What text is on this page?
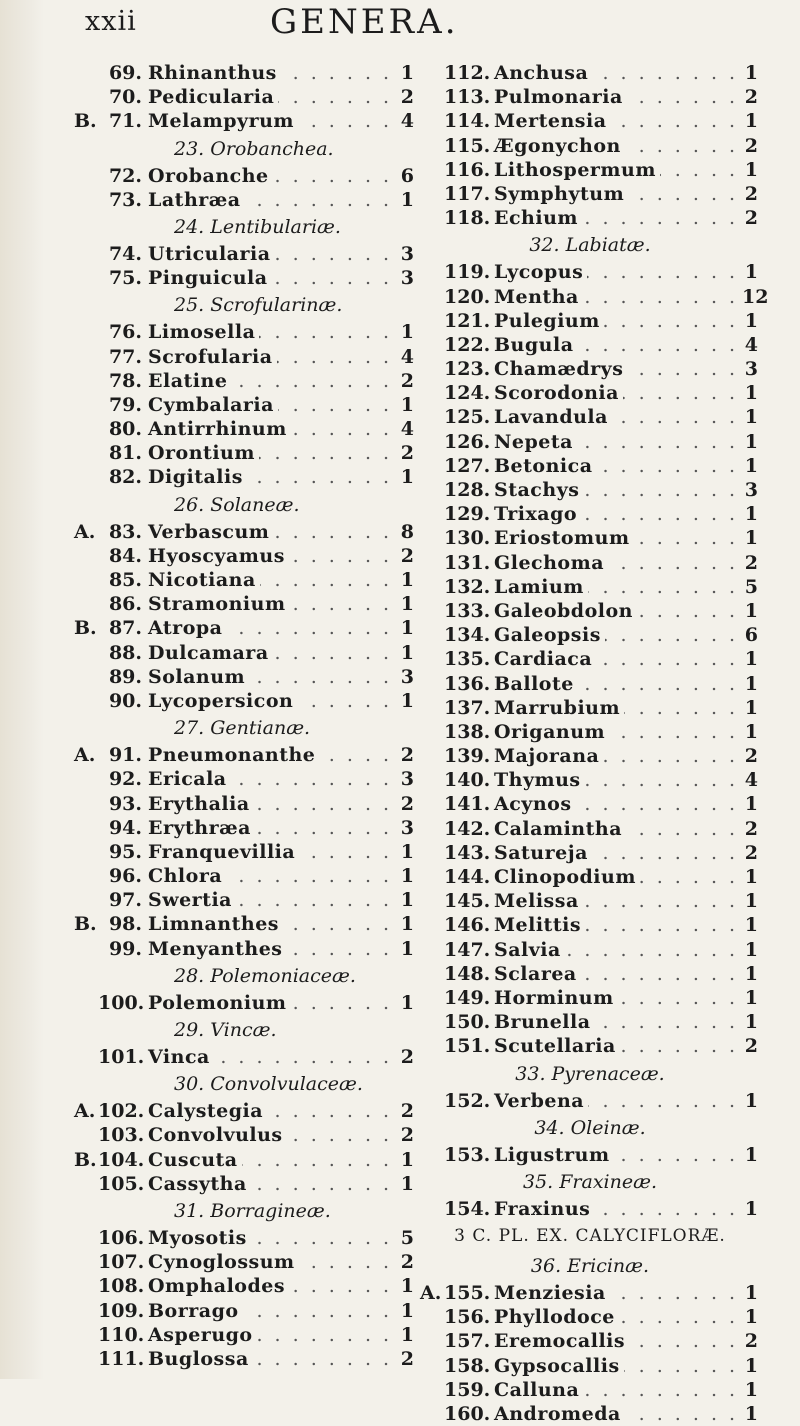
xxii	GENERA.
. . .
69. Rhinanthus	1
. . .
70. Pedicularia	2
. . .
B. 71. Melampyrum	4
23. Orobanchea.
. . .
72. Orobanche	6
. . .
73. Lathræa	1
24. Lentibulariæ.
. . .
74. Utricularia	3
. . .
75. Pinguicula	3
25. Scrofularinæ.
. . .
76. Limosella	1
. . .
77. Scrofularia	4
. . .
78. Elatine	2
. . .
79. Cymbalaria	1
. . .
80. Antirrhinum	4
. . .
81. Orontium	2
. . .
82. Digitalis	1
26. Solaneæ.
. . .
A. 83. Verbascum	8
. . .
84. Hyoscyamus	2
. . .
85. Nicotiana	1
. . .
86. Stramonium	1
. . .
B. 87. Atropa	1
. . .
88. Dulcamara	1
. . .
89. Solanum	3
. . .
90. Lycopersicon	1
27. Gentianæ.
. . .
A. 91. Pneumonanthe	2
. . .
92. Ericala	3
. . .
93. Erythalia	2
. . .
94. Erythræa	3
. . .
95. Franquevillia	1
. . .
96. Chlora	1
. . .
97. Swertia	1
. . .
B. 98. Limnanthes	1
. . .
99. Menyanthes	1
28. Polemoniaceæ.
. . .
100. Polemonium	1
29. Vincæ.
. . .
101. Vinca	2
30. Convolvulaceæ.
. . .
A. 102. Calystegia	2
. . .
103. Convolvulus	2
. . .
B. 104. Cuscuta	1
. . .
105. Cassytha	1
31. Borragineæ.
. . .
106. Myosotis	5
. . .
107. Cynoglossum	2
. . .
108. Omphalodes	1
. . .
109. Borrago	1
. . .
110. Asperugo	1
. . .
111. Buglossa	2
. . .
112. Anchusa	1
. . .
113. Pulmonaria	2
. . .
114. Mertensia	1
. . .
115. Ægonychon	2
. . .
116. Lithospermum	1
. . .
117. Symphytum	2
. . .
118. Echium	2
32. Labiatæ.
. . .
119. Lycopus	1
. . .
120. Mentha	12
. . .
121. Pulegium	1
. . .
122. Bugula	4
. . .
123. Chamædrys	3
. . .
124. Scorodonia	1
. . .
125. Lavandula	1
. . .
126. Nepeta	1
. . .
127. Betonica	1
. . .
128. Stachys	3
. . .
129. Trixago	1
. . .
130. Eriostomum	1
. . .
131. Glechoma	2
. . .
132. Lamium	5
. . .
133. Galeobdolon	1
. . .
134. Galeopsis	6
. . .
135. Cardiaca	1
. . .
136. Ballote	1
. . .
137. Marrubium	1
. . .
138. Origanum	1
. . .
139. Majorana	2
. . .
140. Thymus	4
. . .
141. Acynos	1
. . .
142. Calamintha	2
. . .
143. Saturejа	2
. . .
144. Clinopodium	1
. . .
145. Melissa	1
. . .
146. Melittis	1
. . .
147. Salvia	1
. . .
148. Sclarea	1
. . .
149. Horminum	1
. . .
150. Brunella	1
. . .
151. Scutellaria	2
33. Pyrenaceæ.
. . .
152. Verbena	1
34. Oleinæ.
. . .
153. Ligustrum	1
35. Fraxineæ.
. . .
154. Fraxinus	1
3 C. PL. EX. CALYCIFLORÆ.
36. Ericinæ.
. . .
A. 155. Menziesia	1
. . .
156. Phyllodoce	1
. . .
157. Eremocallis	2
. . .
158. Gypsocallis	1
. . .
159. Calluna	1
. . .
160. Andromeda	1
